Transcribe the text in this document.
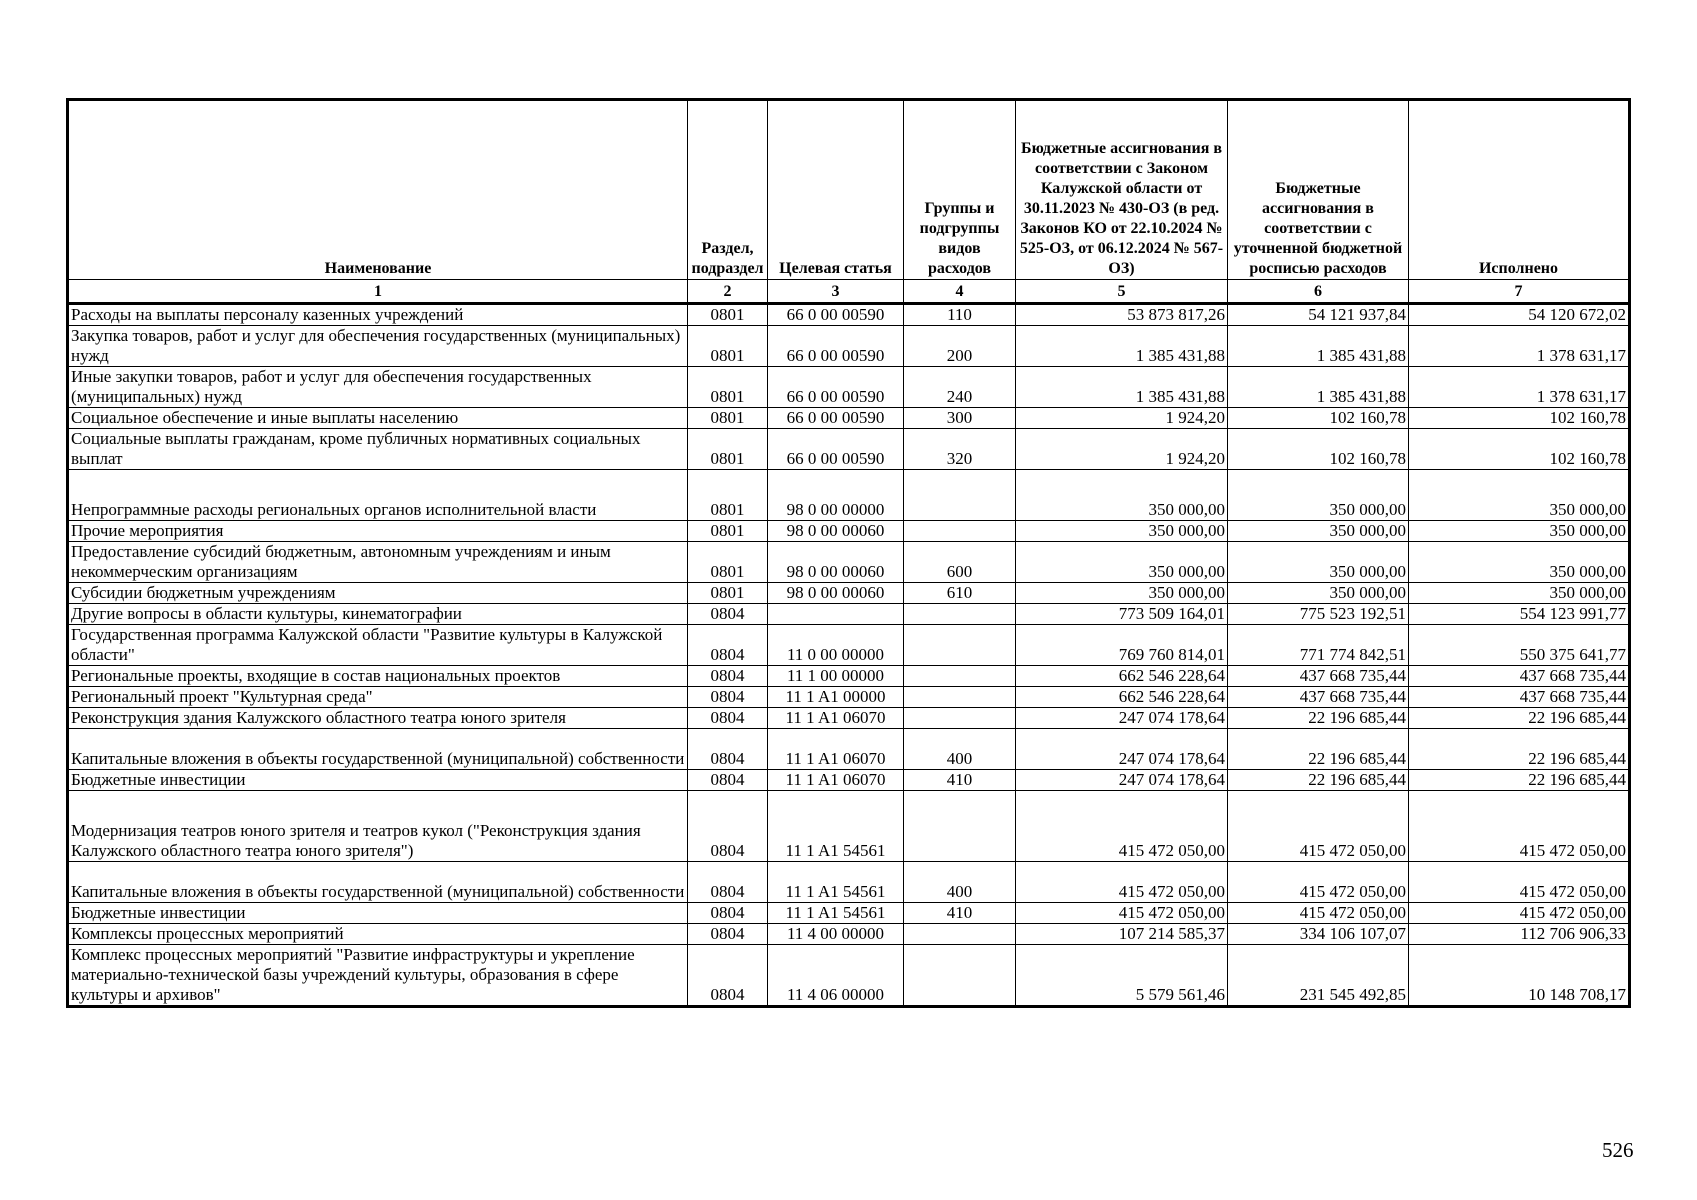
Наименование	Раздел, подраздел	Целевая статья	Группы и подгруппы видов расходов	Бюджетные ассигнования в соответствии с Законом Калужской области от 30.11.2023 № 430-ОЗ (в ред. Законов КО от 22.10.2024 № 525-ОЗ, от 06.12.2024 № 567-ОЗ)	Бюджетные ассигнования в соответствии с уточненной бюджетной росписью расходов	Исполнено
1	2	3	4	5	6	7
Расходы на выплаты персоналу казенных учреждений	0801	66 0 00 00590	110	53 873 817,26	54 121 937,84	54 120 672,02
Закупка товаров, работ и услуг для обеспечения государственных (муниципальных) нужд	0801	66 0 00 00590	200	1 385 431,88	1 385 431,88	1 378 631,17
Иные закупки товаров, работ и услуг для обеспечения государственных (муниципальных) нужд	0801	66 0 00 00590	240	1 385 431,88	1 385 431,88	1 378 631,17
Социальное обеспечение и иные выплаты населению	0801	66 0 00 00590	300	1 924,20	102 160,78	102 160,78
Социальные выплаты гражданам, кроме публичных нормативных социальных выплат	0801	66 0 00 00590	320	1 924,20	102 160,78	102 160,78
Непрограммные расходы региональных органов исполнительной власти	0801	98 0 00 00000		350 000,00	350 000,00	350 000,00
Прочие мероприятия	0801	98 0 00 00060		350 000,00	350 000,00	350 000,00
Предоставление субсидий бюджетным, автономным учреждениям и иным некоммерческим организациям	0801	98 0 00 00060	600	350 000,00	350 000,00	350 000,00
Субсидии бюджетным учреждениям	0801	98 0 00 00060	610	350 000,00	350 000,00	350 000,00
Другие вопросы в области культуры, кинематографии	0804			773 509 164,01	775 523 192,51	554 123 991,77
Государственная программа Калужской области "Развитие культуры в Калужской области"	0804	11 0 00 00000		769 760 814,01	771 774 842,51	550 375 641,77
Региональные проекты, входящие в состав национальных проектов	0804	11 1 00 00000		662 546 228,64	437 668 735,44	437 668 735,44
Региональный проект "Культурная среда"	0804	11 1 A1 00000		662 546 228,64	437 668 735,44	437 668 735,44
Реконструкция здания Калужского областного театра юного зрителя	0804	11 1 A1 06070		247 074 178,64	22 196 685,44	22 196 685,44
Капитальные вложения в объекты государственной (муниципальной) собственности	0804	11 1 A1 06070	400	247 074 178,64	22 196 685,44	22 196 685,44
Бюджетные инвестиции	0804	11 1 A1 06070	410	247 074 178,64	22 196 685,44	22 196 685,44
Модернизация театров юного зрителя и театров кукол ("Реконструкция здания Калужского областного театра юного зрителя")	0804	11 1 A1 54561		415 472 050,00	415 472 050,00	415 472 050,00
Капитальные вложения в объекты государственной (муниципальной) собственности	0804	11 1 A1 54561	400	415 472 050,00	415 472 050,00	415 472 050,00
Бюджетные инвестиции	0804	11 1 A1 54561	410	415 472 050,00	415 472 050,00	415 472 050,00
Комплексы процессных мероприятий	0804	11 4 00 00000		107 214 585,37	334 106 107,07	112 706 906,33
Комплекс процессных мероприятий "Развитие инфраструктуры и укрепление материально-технической базы учреждений культуры, образования в сфере культуры и архивов"	0804	11 4 06 00000		5 579 561,46	231 545 492,85	10 148 708,17
526
